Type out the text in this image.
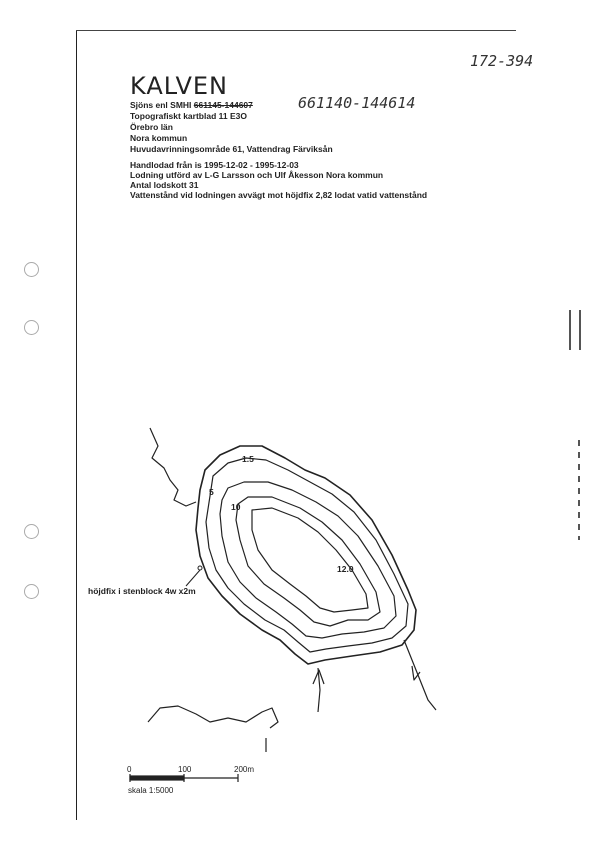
172-394
KALVEN
Sjöns enl SMHI 661145-144607	661140-144614
Topografiskt kartblad 11 E3O
Örebro län
Nora kommun
Huvudavrinningsområde 61, Vattendrag Färviksån
Handlodad från is 1995-12-02 - 1995-12-03
Lodning utförd av L-G Larsson och Ulf Åkesson Nora kommun
Antal lodskott 31
Vattenstånd vid lodningen avvägt mot höjdfix 2,82 lodat vatid vattenstånd
1.5
5
10
12.0
höjdfix i stenblock 4w x2m
0	100	200m
skala 1:5000
